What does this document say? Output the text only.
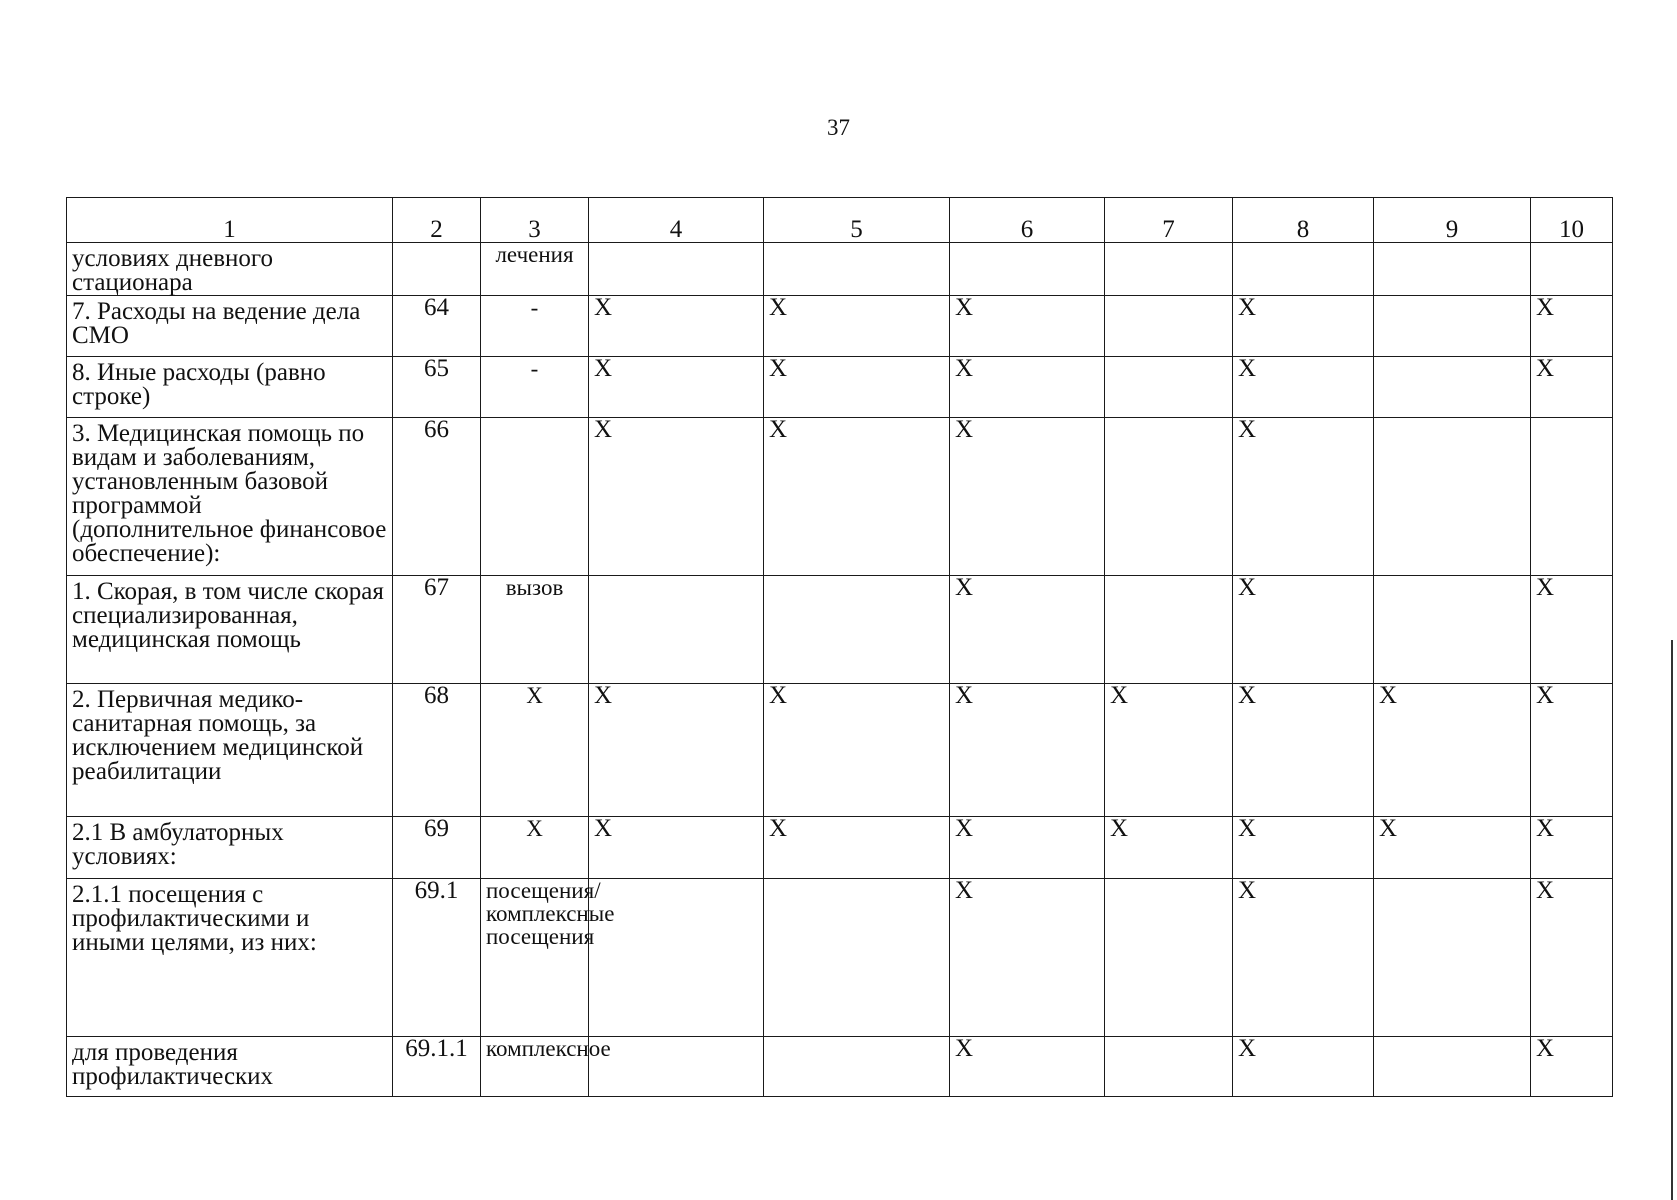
37
1	2	3	4	5	6	7	8	9	10

условиях дневного стационара		лечения							

7. Расходы на ведение дела СМО	64	-	X	X	X		X		X

8. Иные расходы (равно строке)	65	-	X	X	X		X		X

3. Медицинская помощь по видам и заболеваниям, установленным базовой программой (дополнительное финансовое обеспечение):	66		X	X	X		X		

1. Скорая, в том числе скорая специализированная, медицинская помощь	67	вызов			X		X		X

2. Первичная медико-санитарная помощь, за исключением медицинской реабилитации	68	X	X	X	X	X	X	X	X

2.1 В амбулаторных условиях:	69	X	X	X	X	X	X	X	X

2.1.1 посещения с профилактическими и иными целями, из них:	69.1	посещения/комплексные посещения			X		X		X

для проведения профилактических	69.1.1	комплексное			X		X		X
